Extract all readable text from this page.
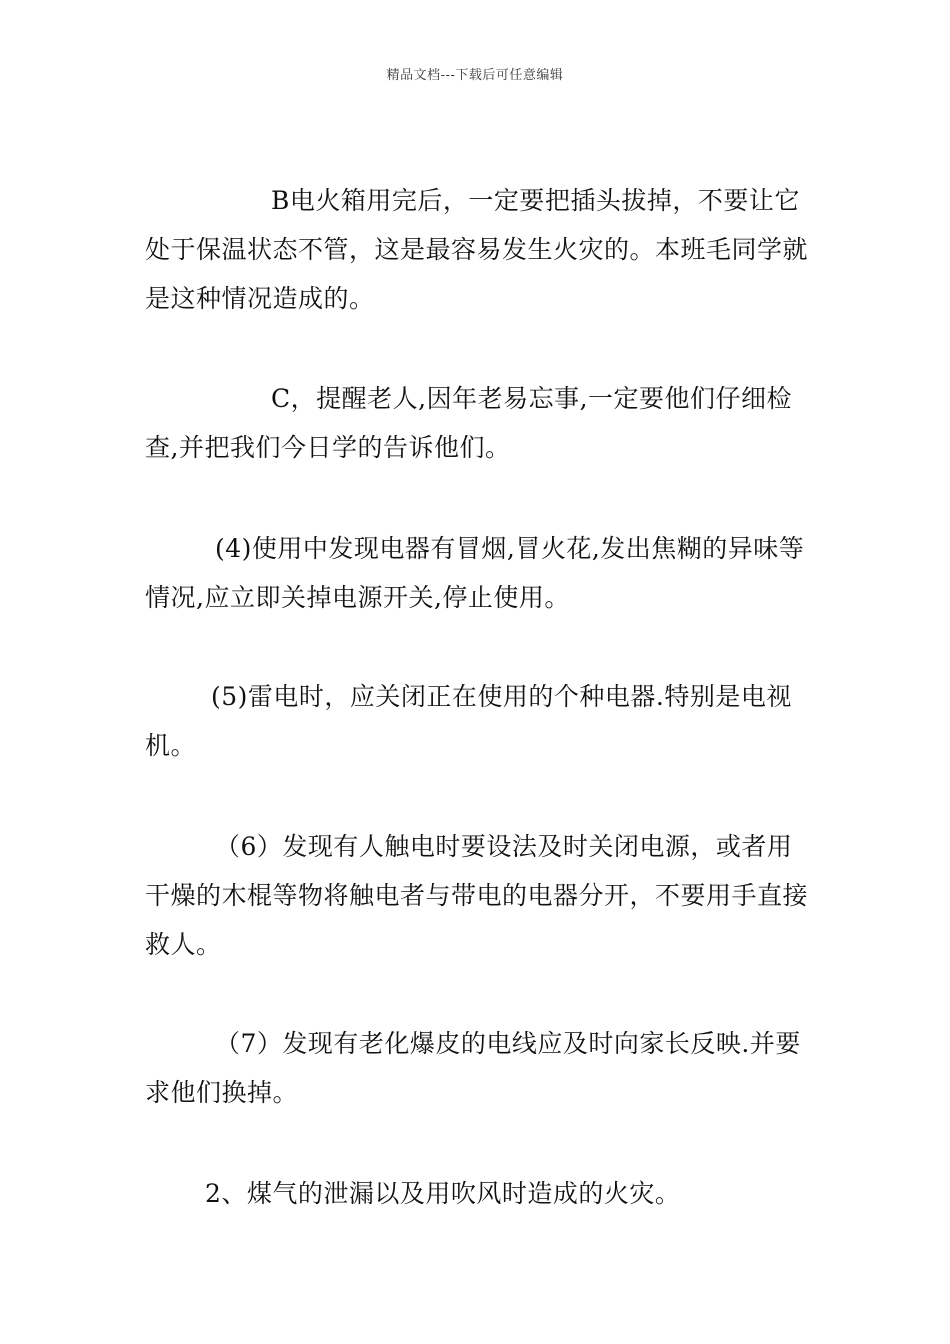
精品文档---下载后可任意编辑

B电火箱用完后，一定要把插头拔掉，不要让它处于保温状态不管，这是最容易发生火灾的。本班毛同学就是这种情况造成的。

C，提醒老人,因年老易忘事,一定要他们仔细检查,并把我们今日学的告诉他们。

(4)使用中发现电器有冒烟,冒火花,发出焦糊的异味等情况,应立即关掉电源开关,停止使用。

(5)雷电时，应关闭正在使用的个种电器.特别是电视机。

（6）发现有人触电时要设法及时关闭电源，或者用干燥的木棍等物将触电者与带电的电器分开，不要用手直接救人。

（7）发现有老化爆皮的电线应及时向家长反映.并要求他们换掉。

2、煤气的泄漏以及用吹风时造成的火灾。
